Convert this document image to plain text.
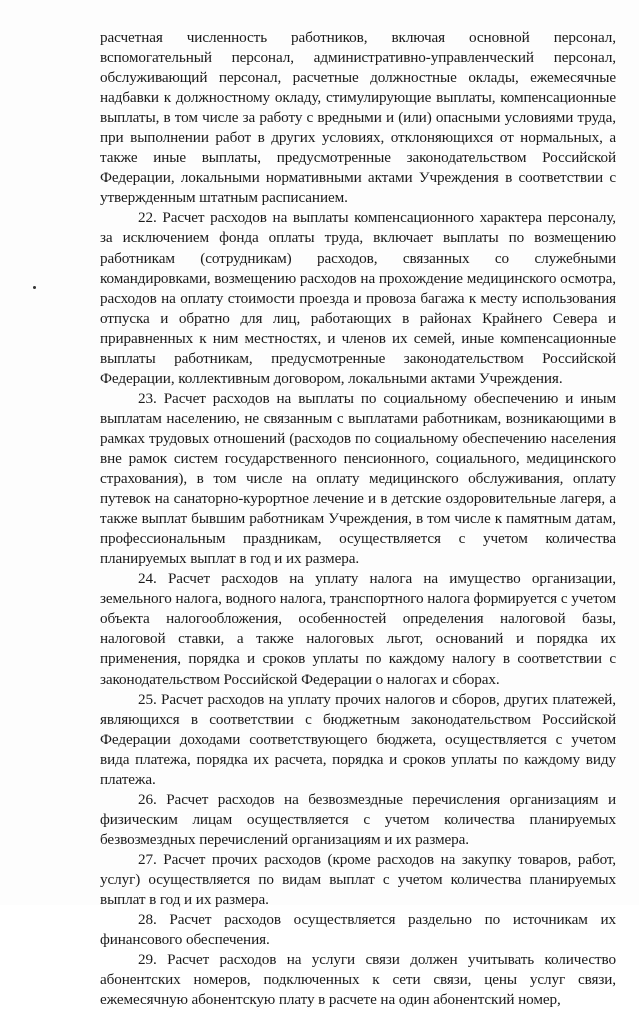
расчетная численность работников, включая основной персонал, вспомогательный персонал, административно-управленческий персонал, обслуживающий персонал, расчетные должностные оклады, ежемесячные надбавки к должностному окладу, стимулирующие выплаты, компенсационные выплаты, в том числе за работу с вредными и (или) опасными условиями труда, при выполнении работ в других условиях, отклоняющихся от нормальных, а также иные выплаты, предусмотренные законодательством Российской Федерации, локальными нормативными актами Учреждения в соответствии с утвержденным штатным расписанием.

22. Расчет расходов на выплаты компенсационного характера персоналу, за исключением фонда оплаты труда, включает выплаты по возмещению работникам (сотрудникам) расходов, связанных со служебными командировками, возмещению расходов на прохождение медицинского осмотра, расходов на оплату стоимости проезда и провоза багажа к месту использования отпуска и обратно для лиц, работающих в районах Крайнего Севера и приравненных к ним местностях, и членов их семей, иные компенсационные выплаты работникам, предусмотренные законодательством Российской Федерации, коллективным договором, локальными актами Учреждения.

23. Расчет расходов на выплаты по социальному обеспечению и иным выплатам населению, не связанным с выплатами работникам, возникающими в рамках трудовых отношений (расходов по социальному обеспечению населения вне рамок систем государственного пенсионного, социального, медицинского страхования), в том числе на оплату медицинского обслуживания, оплату путевок на санаторно-курортное лечение и в детские оздоровительные лагеря, а также выплат бывшим работникам Учреждения, в том числе к памятным датам, профессиональным праздникам, осуществляется с учетом количества планируемых выплат в год и их размера.

24. Расчет расходов на уплату налога на имущество организации, земельного налога, водного налога, транспортного налога формируется с учетом объекта налогообложения, особенностей определения налоговой базы, налоговой ставки, а также налоговых льгот, оснований и порядка их применения, порядка и сроков уплаты по каждому налогу в соответствии с законодательством Российской Федерации о налогах и сборах.

25. Расчет расходов на уплату прочих налогов и сборов, других платежей, являющихся в соответствии с бюджетным законодательством Российской Федерации доходами соответствующего бюджета, осуществляется с учетом вида платежа, порядка их расчета, порядка и сроков уплаты по каждому виду платежа.

26. Расчет расходов на безвозмездные перечисления организациям и физическим лицам осуществляется с учетом количества планируемых безвозмездных перечислений организациям и их размера.

27. Расчет прочих расходов (кроме расходов на закупку товаров, работ, услуг) осуществляется по видам выплат с учетом количества планируемых выплат в год и их размера.

28. Расчет расходов осуществляется раздельно по источникам их финансового обеспечения.

29. Расчет расходов на услуги связи должен учитывать количество абонентских номеров, подключенных к сети связи, цены услуг связи, ежемесячную абонентскую плату в расчете на один абонентский номер,
